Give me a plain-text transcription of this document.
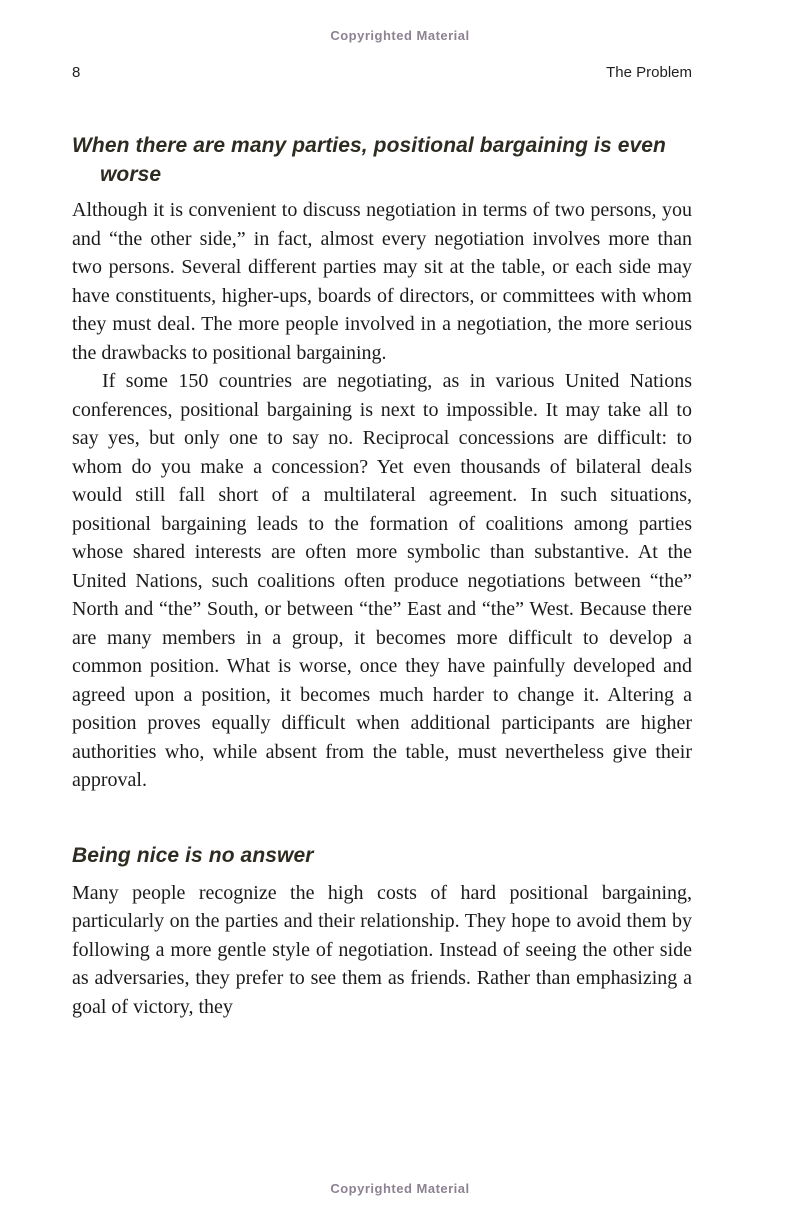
Copyrighted Material
8	The Problem
When there are many parties, positional bargaining is even worse

Although it is convenient to discuss negotiation in terms of two persons, you and “the other side,” in fact, almost every negotiation involves more than two persons. Several different parties may sit at the table, or each side may have constituents, higher-ups, boards of directors, or committees with whom they must deal. The more people involved in a negotiation, the more serious the drawbacks to positional bargaining.

If some 150 countries are negotiating, as in various United Nations conferences, positional bargaining is next to impossible. It may take all to say yes, but only one to say no. Reciprocal concessions are difficult: to whom do you make a concession? Yet even thousands of bilateral deals would still fall short of a multilateral agreement. In such situations, positional bargaining leads to the formation of coalitions among parties whose shared interests are often more symbolic than substantive. At the United Nations, such coalitions often produce negotiations between “the” North and “the” South, or between “the” East and “the” West. Because there are many members in a group, it becomes more difficult to develop a common position. What is worse, once they have painfully developed and agreed upon a position, it becomes much harder to change it. Altering a position proves equally difficult when additional participants are higher authorities who, while absent from the table, must nevertheless give their approval.

Being nice is no answer

Many people recognize the high costs of hard positional bargaining, particularly on the parties and their relationship. They hope to avoid them by following a more gentle style of negotiation. Instead of seeing the other side as adversaries, they prefer to see them as friends. Rather than emphasizing a goal of victory, they

Copyrighted Material
